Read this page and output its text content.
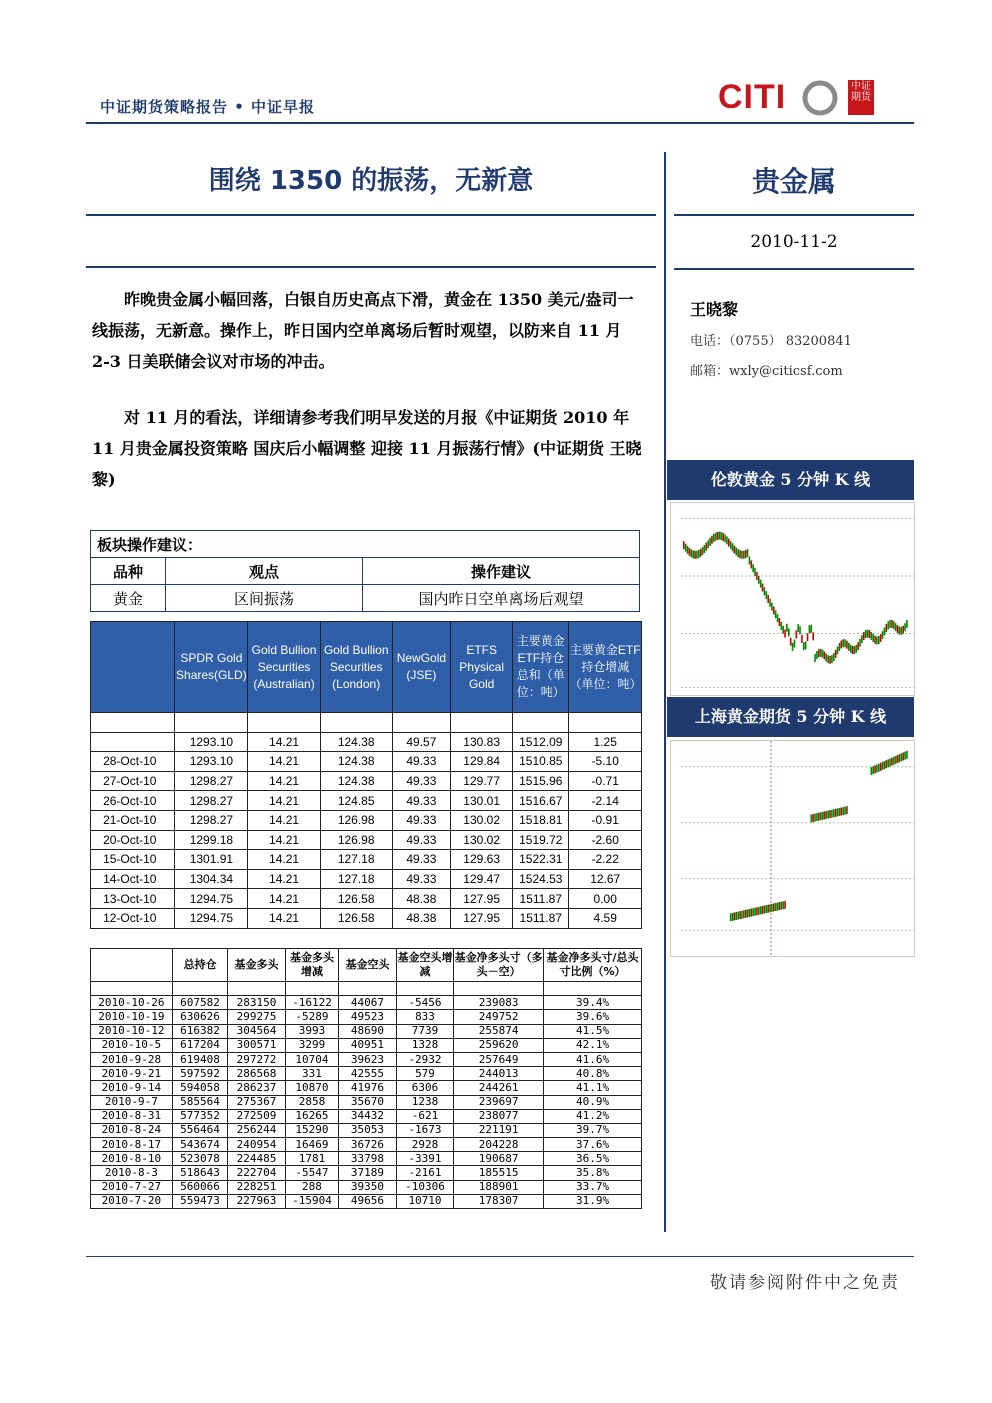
中证期货策略报告 • 中证早报	CITI	中证
期货
围绕 1350 的振荡，无新意	贵金属
2010-11-2
昨晚贵金属小幅回落，白银自历史高点下滑，黄金在 1350 美元/盎司一线振荡，无新意。操作上，昨日国内空单离场后暂时观望，以防来自 11 月 2-3 日美联储会议对市场的冲击。
对 11 月的看法，详细请参考我们明早发送的月报《中证期货 2010 年 11 月贵金属投资策略 国庆后小幅调整 迎接 11 月振荡行情》(中证期货 王晓黎)
王晓黎
电话：（0755） 83200841
邮箱：wxly@citicsf.com
伦敦黄金 5 分钟 K 线
上海黄金期货 5 分钟 K 线
板块操作建议：		
品种	观点	操作建议
黄金	区间振荡	国内昨日空单离场后观望
	SPDR Gold Shares(GLD)	Gold Bullion Securities (Australian)	Gold Bullion Securities (London)	NewGold (JSE)	ETFS Physical Gold	主要黄金ETF持仓总和（单位：吨）	主要黄金ETF持仓增减（单位：吨）

	1293.10	14.21	124.38	49.57	130.83	1512.09	1.25
28-Oct-10	1293.10	14.21	124.38	49.33	129.84	1510.85	-5.10
27-Oct-10	1298.27	14.21	124.38	49.33	129.77	1515.96	-0.71
26-Oct-10	1298.27	14.21	124.85	49.33	130.01	1516.67	-2.14
21-Oct-10	1298.27	14.21	126.98	49.33	130.02	1518.81	-0.91
20-Oct-10	1299.18	14.21	126.98	49.33	130.02	1519.72	-2.60
15-Oct-10	1301.91	14.21	127.18	49.33	129.63	1522.31	-2.22
14-Oct-10	1304.34	14.21	127.18	49.33	129.47	1524.53	12.67
13-Oct-10	1294.75	14.21	126.58	48.38	127.95	1511.87	0.00
12-Oct-10	1294.75	14.21	126.58	48.38	127.95	1511.87	4.59
	总持仓	基金多头	基金多头增减	基金空头	基金空头增减	基金净多头寸（多头－空）	基金净多头寸/总头寸比例（%）

2010-10-26	607582	283150	-16122	44067	-5456	239083	39.4%
2010-10-19	630626	299275	-5289	49523	833	249752	39.6%
2010-10-12	616382	304564	3993	48690	7739	255874	41.5%
2010-10-5	617204	300571	3299	40951	1328	259620	42.1%
2010-9-28	619408	297272	10704	39623	-2932	257649	41.6%
2010-9-21	597592	286568	331	42555	579	244013	40.8%
2010-9-14	594058	286237	10870	41976	6306	244261	41.1%
2010-9-7	585564	275367	2858	35670	1238	239697	40.9%
2010-8-31	577352	272509	16265	34432	-621	238077	41.2%
2010-8-24	556464	256244	15290	35053	-1673	221191	39.7%
2010-8-17	543674	240954	16469	36726	2928	204228	37.6%
2010-8-10	523078	224485	1781	33798	-3391	190687	36.5%
2010-8-3	518643	222704	-5547	37189	-2161	185515	35.8%
2010-7-27	560066	228251	288	39350	-10306	188901	33.7%
2010-7-20	559473	227963	-15904	49656	10710	178307	31.9%
敬请参阅附件中之免责
